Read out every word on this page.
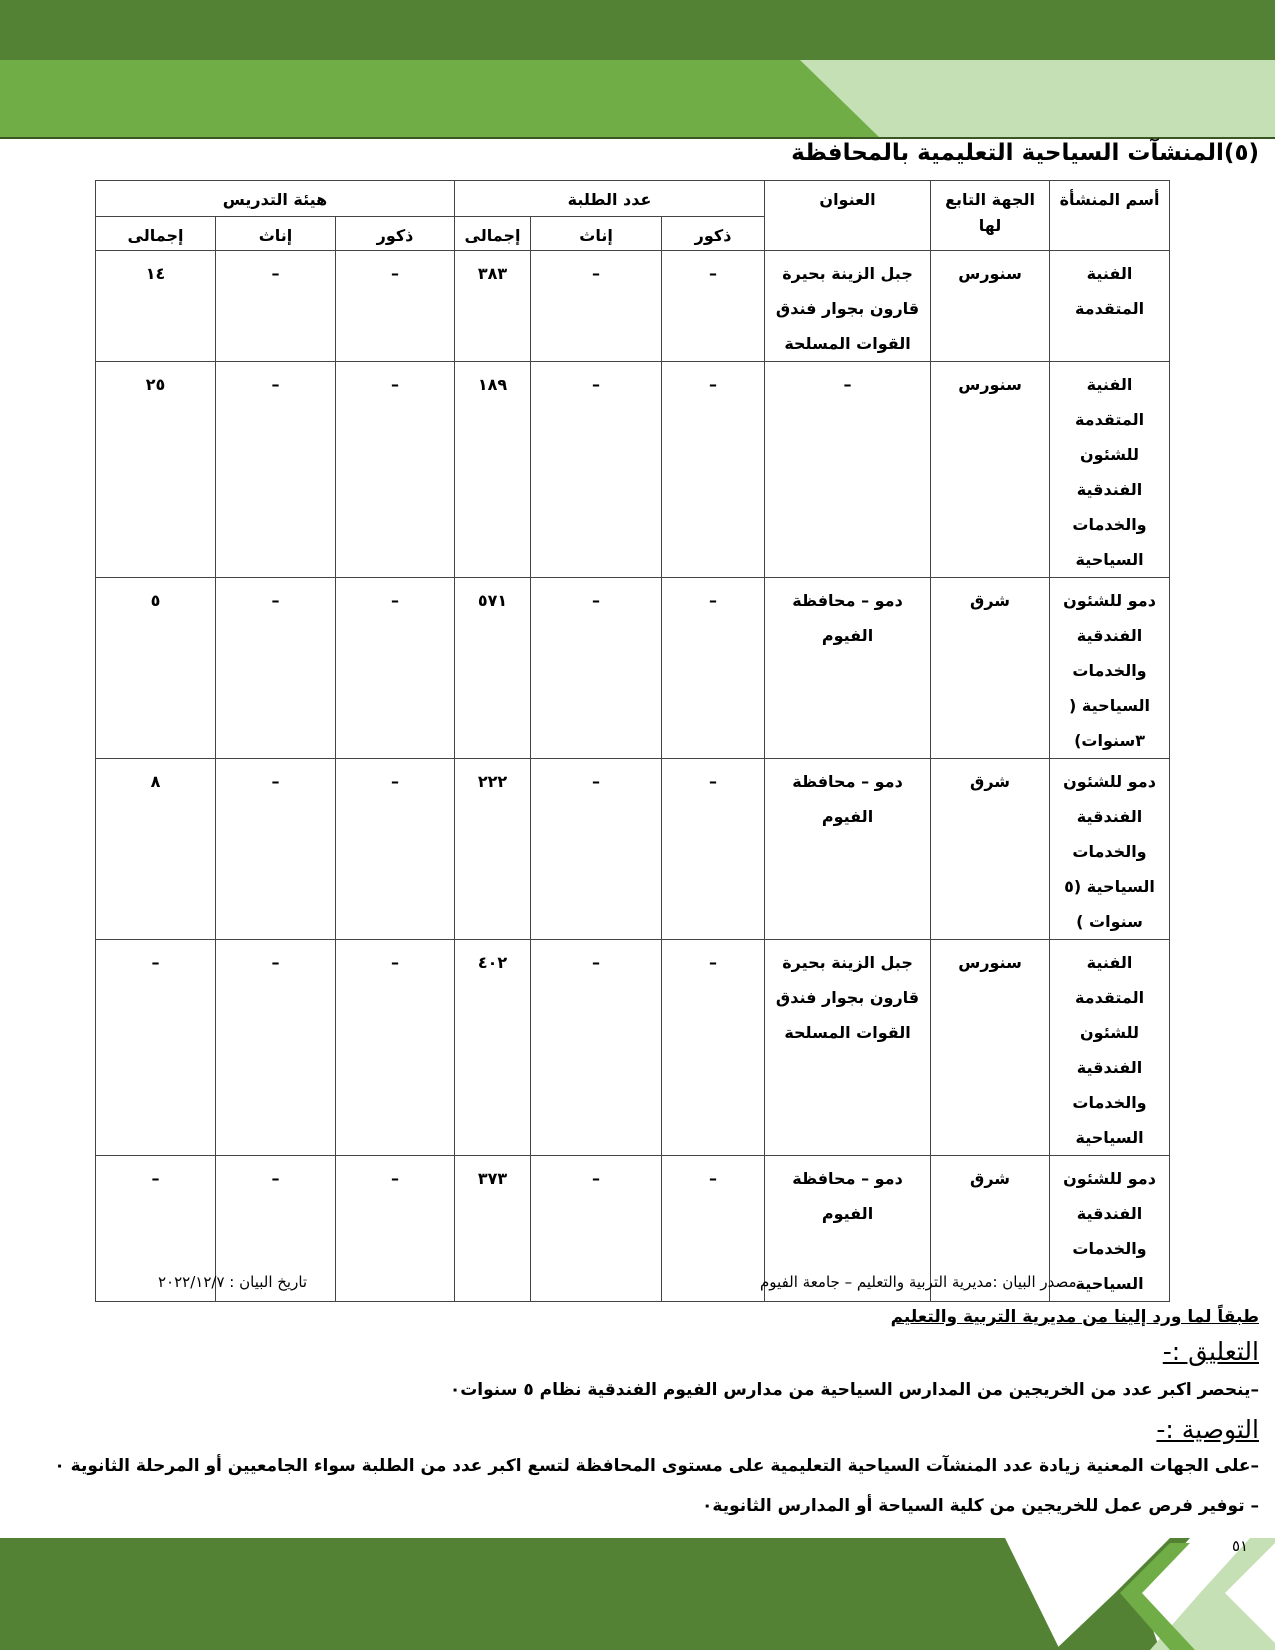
(٥)المنشآت السياحية التعليمية بالمحافظة
أسم المنشأة	الجهة التابع لها	العنوان	عدد الطلبة			هيئة التدريس		
			ذكور	إناث	إجمالى	ذكور	إناث	إجمالى
الفنية المتقدمة	سنورس	جبل الزينة بحيرة قارون بجوار فندق القوات المسلحة	–	–	٣٨٣	–	–	١٤
الفنية المتقدمة للشئون الفندقية والخدمات السياحية	سنورس	–	–	–	١٨٩	–	–	٢٥
دمو للشئون الفندقية والخدمات السياحية ( ٣سنوات)	شرق	دمو – محافظة الفيوم	–	–	٥٧١	–	–	٥
دمو للشئون الفندقية والخدمات السياحية (٥ سنوات )	شرق	دمو – محافظة الفيوم	–	–	٢٢٢	–	–	٨
الفنية المتقدمة للشئون الفندقية والخدمات السياحية	سنورس	جبل الزينة بحيرة قارون بجوار فندق القوات المسلحة	–	–	٤٠٢	–	–	–
دمو للشئون الفندقية والخدمات السياحية	شرق	دمو – محافظة الفيوم	–	–	٣٧٣	–	–	–
مصدر البيان :مديرية التربية والتعليم – جامعة الفيوم
تاريخ البيان : ٢٠٢٢/١٢/٧
طبقاً لما ورد إلينا من مديرية التربية والتعليم
التعليق :-
–ينحصر اكبر عدد من الخريجين من المدارس السياحية من مدارس الفيوم الفندقية نظام ٥ سنوات٠
التوصية :-
–على الجهات المعنية زيادة عدد المنشآت السياحية التعليمية على مستوى المحافظة لتسع اكبر عدد من الطلبة سواء الجامعيين أو المرحلة الثانوية ٠
– توفير فرص عمل للخريجين من كلية السياحة أو المدارس الثانوية٠
٥١
